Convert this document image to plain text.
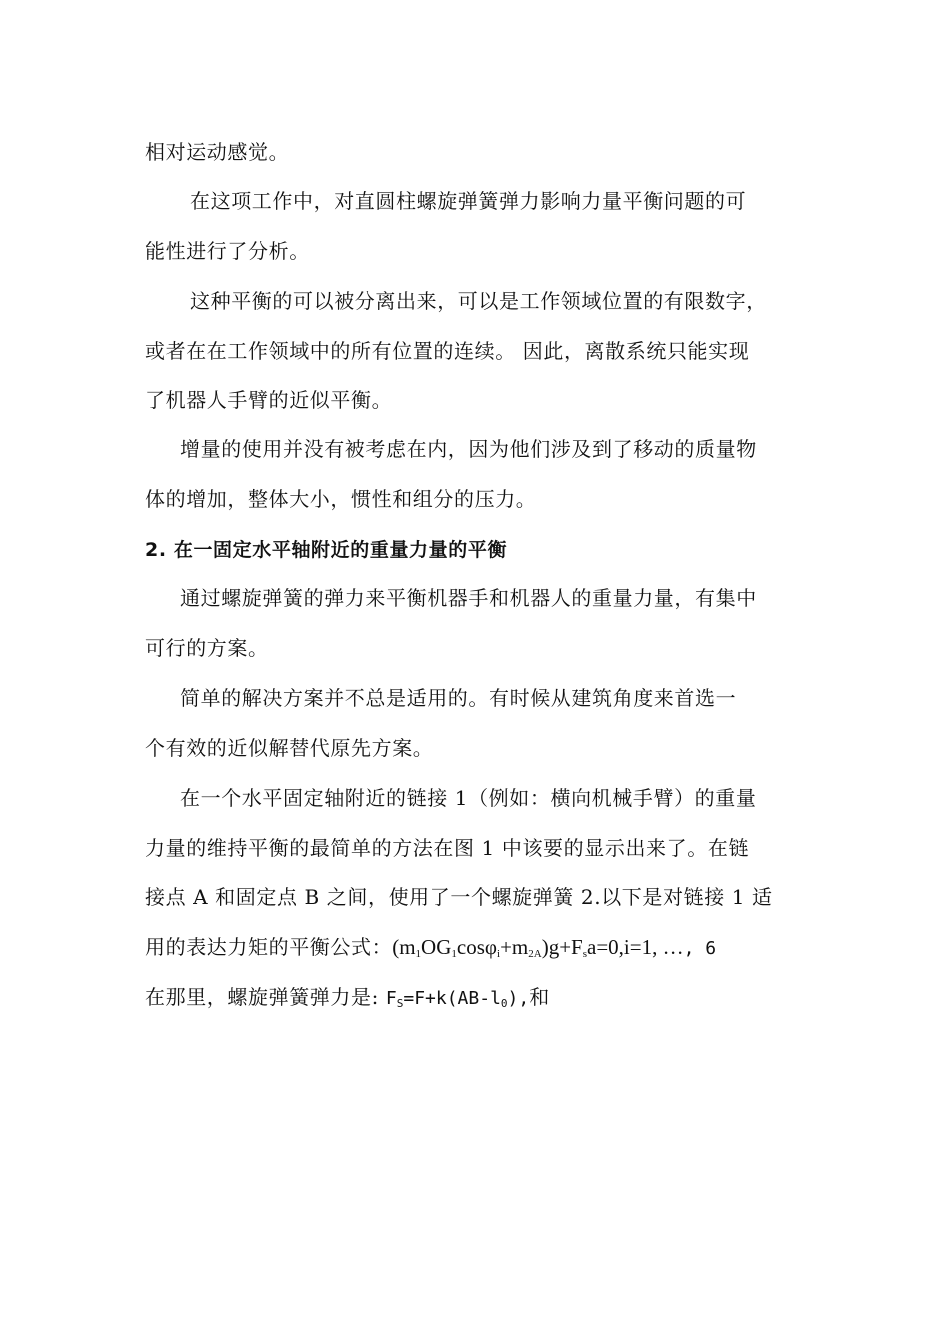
相对运动感觉。
在这项工作中，对直圆柱螺旋弹簧弹力影响力量平衡问题的可
能性进行了分析。
这种平衡的可以被分离出来，可以是工作领域位置的有限数字，
或者在在工作领域中的所有位置的连续。 因此，离散系统只能实现
了机器人手臂的近似平衡。
增量的使用并没有被考虑在内，因为他们涉及到了移动的质量物
体的增加，整体大小，惯性和组分的压力。
2. 在一固定水平轴附近的重量力量的平衡
通过螺旋弹簧的弹力来平衡机器手和机器人的重量力量，有集中
可行的方案。
简单的解决方案并不总是适用的。有时候从建筑角度来首选一
个有效的近似解替代原先方案。
在一个水平固定轴附近的链接 1（例如：横向机械手臂）的重量
力量的维持平衡的最简单的方法在图 1 中该要的显示出来了。在链
接点 A 和固定点 B 之间，使用了一个螺旋弹簧 2.以下是对链接 1 适
用的表达力矩的平衡公式：$(m_1OG_1\cos\varphi_i+m_{2A})g+F_sa=0,i=1$, …, 6
在那里，螺旋弹簧弹力是: $F_S=F+k(AB-l_0)$,和
